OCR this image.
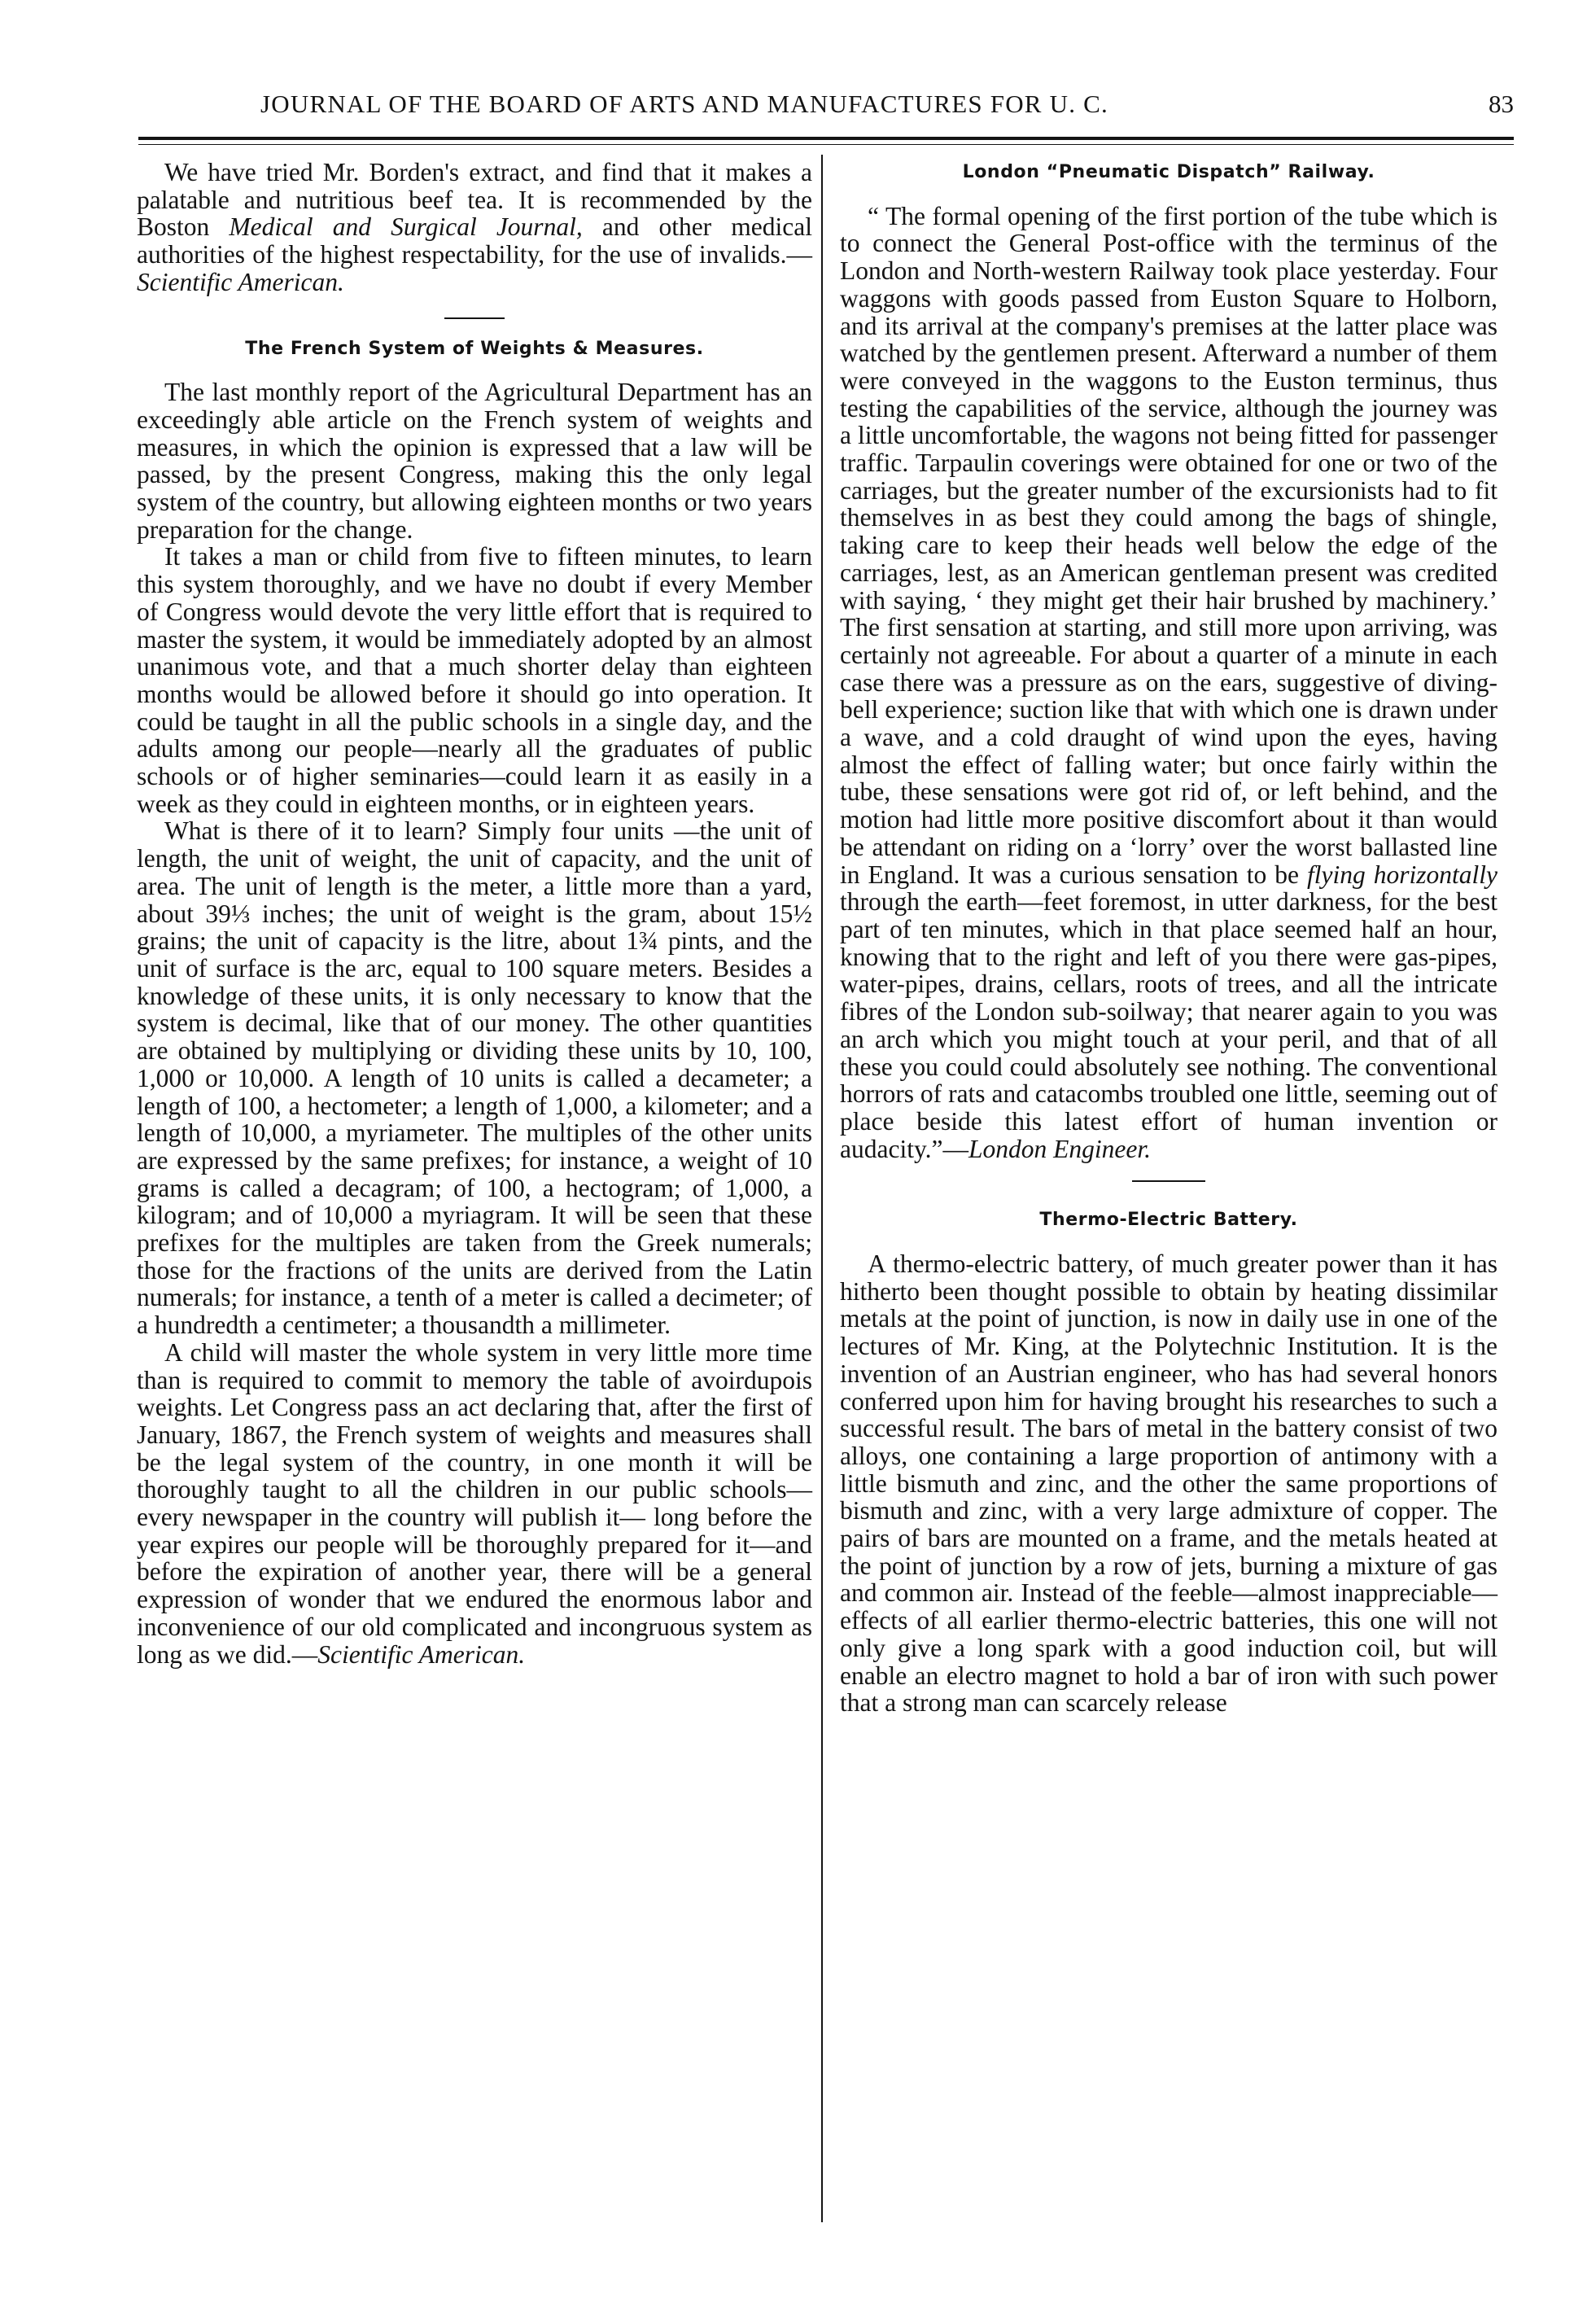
JOURNAL OF THE BOARD OF ARTS AND MANUFACTURES FOR U. C.	83

We have tried Mr. Borden's extract, and find that it makes a palatable and nutritious beef tea. It is recommended by the Boston Medical and Surgical Journal, and other medical authorities of the highest respectability, for the use of invalids.—Scientific American.

The French System of Weights & Measures.

The last monthly report of the Agricultural Department has an exceedingly able article on the French system of weights and measures, in which the opinion is expressed that a law will be passed, by the present Congress, making this the only legal system of the country, but allowing eighteen months or two years preparation for the change.

It takes a man or child from five to fifteen minutes, to learn this system thoroughly, and we have no doubt if every Member of Congress would devote the very little effort that is required to master the system, it would be immediately adopted by an almost unanimous vote, and that a much shorter delay than eighteen months would be allowed before it should go into operation. It could be taught in all the public schools in a single day, and the adults among our people—nearly all the graduates of public schools or of higher seminaries—could learn it as easily in a week as they could in eighteen months, or in eighteen years.

What is there of it to learn? Simply four units —the unit of length, the unit of weight, the unit of capacity, and the unit of area. The unit of length is the meter, a little more than a yard, about 39⅓ inches; the unit of weight is the gram, about 15½ grains; the unit of capacity is the litre, about 1¾ pints, and the unit of surface is the arc, equal to 100 square meters. Besides a knowledge of these units, it is only necessary to know that the system is decimal, like that of our money. The other quantities are obtained by multiplying or dividing these units by 10, 100, 1,000 or 10,000. A length of 10 units is called a decameter; a length of 100, a hectometer; a length of 1,000, a kilometer; and a length of 10,000, a myriameter. The multiples of the other units are expressed by the same prefixes; for instance, a weight of 10 grams is called a decagram; of 100, a hectogram; of 1,000, a kilogram; and of 10,000 a myriagram. It will be seen that these prefixes for the multiples are taken from the Greek numerals; those for the fractions of the units are derived from the Latin numerals; for instance, a tenth of a meter is called a decimeter; of a hundredth a centimeter; a thousandth a millimeter.

A child will master the whole system in very little more time than is required to commit to memory the table of avoirdupois weights. Let Congress pass an act declaring that, after the first of January, 1867, the French system of weights and measures shall be the legal system of the country, in one month it will be thoroughly taught to all the children in our public schools— every newspaper in the country will publish it— long before the year expires our people will be thoroughly prepared for it—and before the expiration of another year, there will be a general expression of wonder that we endured the enormous labor and inconvenience of our old complicated and incongruous system as long as we did.—Scientific American.

London “Pneumatic Dispatch” Railway.

“ The formal opening of the first portion of the tube which is to connect the General Post-office with the terminus of the London and North-western Railway took place yesterday. Four waggons with goods passed from Euston Square to Holborn, and its arrival at the company's premises at the latter place was watched by the gentlemen present. Afterward a number of them were conveyed in the waggons to the Euston terminus, thus testing the capabilities of the service, although the journey was a little uncomfortable, the wagons not being fitted for passenger traffic. Tarpaulin coverings were obtained for one or two of the carriages, but the greater number of the excursionists had to fit themselves in as best they could among the bags of shingle, taking care to keep their heads well below the edge of the carriages, lest, as an American gentleman present was credited with saying, ‘ they might get their hair brushed by machinery.’ The first sensation at starting, and still more upon arriving, was certainly not agreeable. For about a quarter of a minute in each case there was a pressure as on the ears, suggestive of diving-bell experience; suction like that with which one is drawn under a wave, and a cold draught of wind upon the eyes, having almost the effect of falling water; but once fairly within the tube, these sensations were got rid of, or left behind, and the motion had little more positive discomfort about it than would be attendant on riding on a ‘lorry’ over the worst ballasted line in England. It was a curious sensation to be flying horizontally through the earth—feet foremost, in utter darkness, for the best part of ten minutes, which in that place seemed half an hour, knowing that to the right and left of you there were gas-pipes, water-pipes, drains, cellars, roots of trees, and all the intricate fibres of the London sub-soilway; that nearer again to you was an arch which you might touch at your peril, and that of all these you could could absolutely see nothing. The conventional horrors of rats and catacombs troubled one little, seeming out of place beside this latest effort of human invention or audacity.”—London Engineer.

Thermo-Electric Battery.

A thermo-electric battery, of much greater power than it has hitherto been thought possible to obtain by heating dissimilar metals at the point of junction, is now in daily use in one of the lectures of Mr. King, at the Polytechnic Institution. It is the invention of an Austrian engineer, who has had several honors conferred upon him for having brought his researches to such a successful result. The bars of metal in the battery consist of two alloys, one containing a large proportion of antimony with a little bismuth and zinc, and the other the same proportions of bismuth and zinc, with a very large admixture of copper. The pairs of bars are mounted on a frame, and the metals heated at the point of junction by a row of jets, burning a mixture of gas and common air. Instead of the feeble—almost inappreciable—effects of all earlier thermo-electric batteries, this one will not only give a long spark with a good induction coil, but will enable an electro magnet to hold a bar of iron with such power that a strong man can scarcely release
